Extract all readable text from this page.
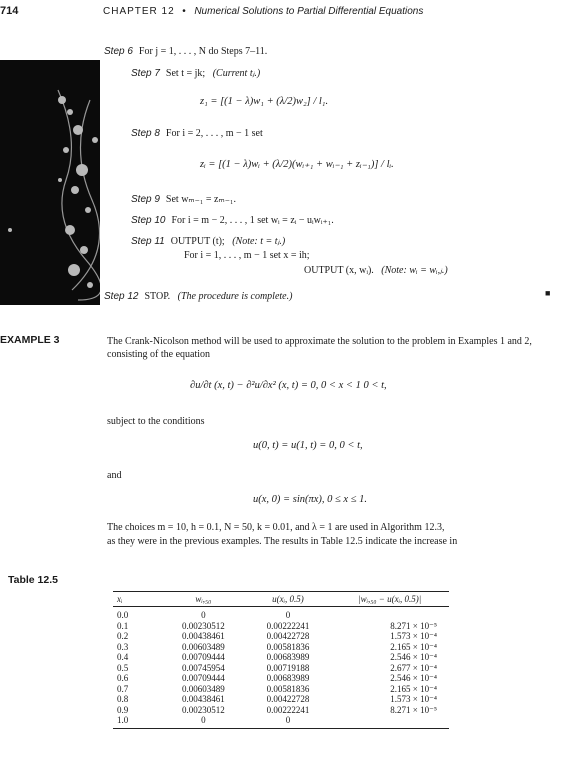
714	CHAPTER 12 • Numerical Solutions to Partial Differential Equations
Step 6 For j = 1, . . . , N do Steps 7–11.
Step 7 Set t = jk; (Current tⱼ.)
z₁ = [(1 − λ)w₁ + (λ/2)w₂] / l₁.
Step 8 For i = 2, . . . , m − 1 set
zᵢ = [(1 − λ)wᵢ + (λ/2)(wᵢ₊₁ + wᵢ₋₁ + zᵢ₋₁)] / lᵢ.
Step 9 Set wₘ₋₁ = zₘ₋₁.
Step 10 For i = m − 2, . . . , 1 set wᵢ = zᵢ − uᵢwᵢ₊₁.
Step 11 OUTPUT (t); (Note: t = tⱼ.)
For i = 1, . . . , m − 1 set x = ih;
OUTPUT (x, wᵢ). (Note: wᵢ = wᵢ,ⱼ.)
Step 12 STOP. (The procedure is complete.)	■
EXAMPLE 3	The Crank-Nicolson method will be used to approximate the solution to the problem in Examples 1 and 2, consisting of the equation
∂u/∂t (x, t) − ∂²u/∂x² (x, t) = 0, 0 < x < 1 0 < t,
subject to the conditions
u(0, t) = u(1, t) = 0, 0 < t,
and
u(x, 0) = sin(πx), 0 ≤ x ≤ 1.
The choices m = 10, h = 0.1, N = 50, k = 0.01, and λ = 1 are used in Algorithm 12.3,
as they were in the previous examples. The results in Table 12.5 indicate the increase in
Table 12.5
xᵢ	wᵢ,₅₀	u(xᵢ, 0.5)	|wᵢ,₅₀ − u(xᵢ, 0.5)|
0.0	0	0	
0.1	0.00230512	0.00222241	8.271 × 10⁻⁵
0.2	0.00438461	0.00422728	1.573 × 10⁻⁴
0.3	0.00603489	0.00581836	2.165 × 10⁻⁴
0.4	0.00709444	0.00683989	2.546 × 10⁻⁴
0.5	0.00745954	0.00719188	2.677 × 10⁻⁴
0.6	0.00709444	0.00683989	2.546 × 10⁻⁴
0.7	0.00603489	0.00581836	2.165 × 10⁻⁴
0.8	0.00438461	0.00422728	1.573 × 10⁻⁴
0.9	0.00230512	0.00222241	8.271 × 10⁻⁵
1.0	0	0	
